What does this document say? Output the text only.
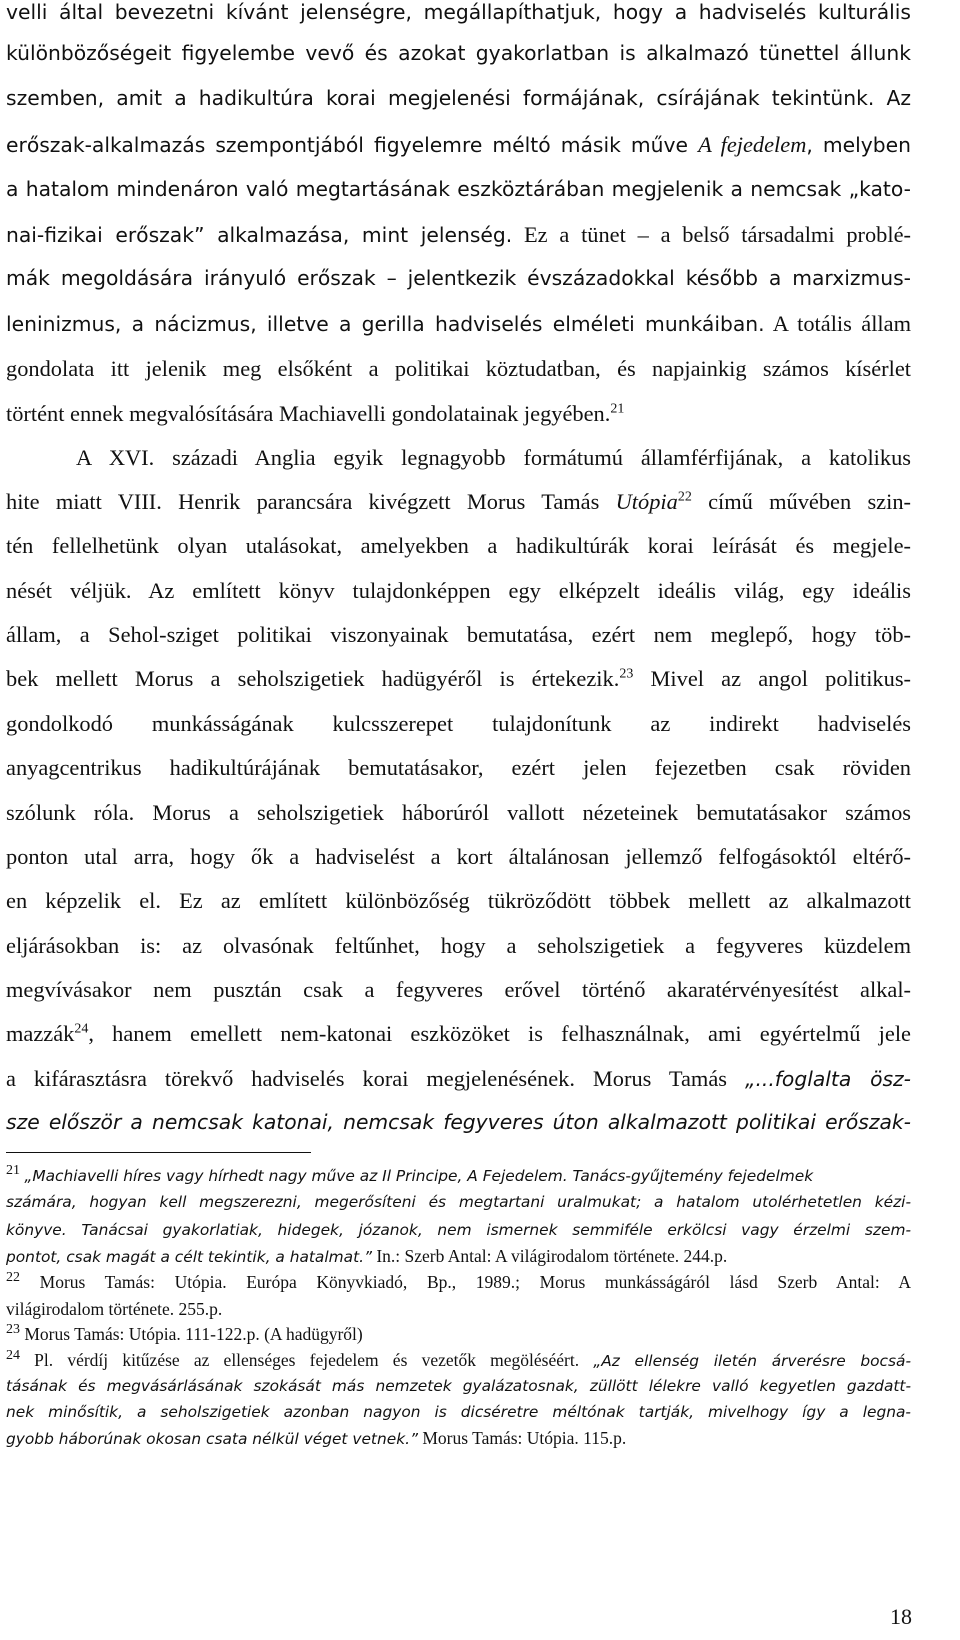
velli által bevezetni kívánt jelenségre, megállapíthatjuk, hogy a hadviselés kulturális
különbözőségeit figyelembe vevő és azokat gyakorlatban is alkalmazó tünettel állunk
szemben, amit a hadikultúra korai megjelenési formájának, csírájának tekintünk. Az
erőszak-alkalmazás szempontjából figyelemre méltó másik műve A fejedelem, melyben
a hatalom mindenáron való megtartásának eszköztárában megjelenik a nemcsak „kato-
nai-fizikai erőszak” alkalmazása, mint jelenség. Ez a tünet – a belső társadalmi problé-
mák megoldására irányuló erőszak – jelentkezik évszázadokkal később a marxizmus-
leninizmus, a nácizmus, illetve a gerilla hadviselés elméleti munkáiban. A totális állam
gondolata itt jelenik meg elsőként a politikai köztudatban, és napjainkig számos kísérlet
történt ennek megvalósítására Machiavelli gondolatainak jegyében.$^{21}$
A XVI. századi Anglia egyik legnagyobb formátumú államférfijának, a katolikus
hite miatt VIII. Henrik parancsára kivégzett Morus Tamás Utópia$^{22}$ című művében szin-
tén fellelhetünk olyan utalásokat, amelyekben a hadikultúrák korai leírását és megjele-
nését véljük. Az említett könyv tulajdonképpen egy elképzelt ideális világ, egy ideális
állam, a Sehol-sziget politikai viszonyainak bemutatása, ezért nem meglepő, hogy töb-
bek mellett Morus a seholszigetiek hadügyéről is értekezik.$^{23}$ Mivel az angol politikus-
gondolkodó munkásságának kulcsszerepet tulajdonítunk az indirekt hadviselés
anyagcentrikus hadikultúrájának bemutatásakor, ezért jelen fejezetben csak röviden
szólunk róla. Morus a seholszigetiek háborúról vallott nézeteinek bemutatásakor számos
ponton utal arra, hogy ők a hadviselést a kort általánosan jellemző felfogásoktól eltérő-
en képzelik el. Ez az említett különbözőség tükröződött többek mellett az alkalmazott
eljárásokban is: az olvasónak feltűnhet, hogy a seholszigetiek a fegyveres küzdelem
megvívásakor nem pusztán csak a fegyveres erővel történő akaratérvényesítést alkal-
mazzák$^{24}$, hanem emellett nem-katonai eszközöket is felhasználnak, ami egyértelmű jele
a kifárasztásra törekvő hadviselés korai megjelenésének. Morus Tamás „...foglalta ösz-
sze először a nemcsak katonai, nemcsak fegyveres úton alkalmazott politikai erőszak-
$^{21}$ „Machiavelli híres vagy hírhedt nagy műve az Il Principe, A Fejedelem. Tanács-gyűjtemény fejedelmek
számára, hogyan kell megszerezni, megerősíteni és megtartani uralmukat; a hatalom utolérhetetlen kézi-
könyve. Tanácsai gyakorlatiak, hidegek, józanok, nem ismernek semmiféle erkölcsi vagy érzelmi szem-
pontot, csak magát a célt tekintik, a hatalmat.” In.: Szerb Antal: A világirodalom története. 244.p.
$^{22}$ Morus Tamás: Utópia. Európa Könyvkiadó, Bp., 1989.; Morus munkásságáról lásd Szerb Antal: A
világirodalom története. 255.p.
$^{23}$ Morus Tamás: Utópia. 111-122.p. (A hadügyről)
$^{24}$ Pl. vérdíj kitűzése az ellenséges fejedelem és vezetők megöléséért. „Az ellenség iletén árverésre bocsá-
tásának és megvásárlásának szokását más nemzetek gyalázatosnak, züllött lélekre valló kegyetlen gazdatt-
nek minősítik, a seholszigetiek azonban nagyon is dicséretre méltónak tartják, mivelhogy így a legna-
gyobb háborúnak okosan csata nélkül véget vetnek.” Morus Tamás: Utópia. 115.p.
18
